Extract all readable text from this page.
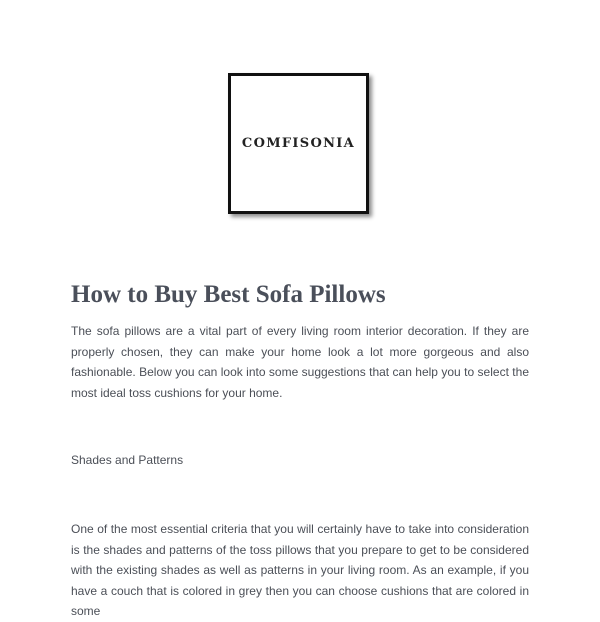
COMFISONIA
How to Buy Best Sofa Pillows

The sofa pillows are a vital part of every living room interior decoration. If they are properly chosen, they can make your home look a lot more gorgeous and also fashionable. Below you can look into some suggestions that can help you to select the most ideal toss cushions for your home.

Shades and Patterns

One of the most essential criteria that you will certainly have to take into consideration is the shades and patterns of the toss pillows that you prepare to get to be considered with the existing shades as well as patterns in your living room. As an example, if you have a couch that is colored in grey then you can choose cushions that are colored in some
